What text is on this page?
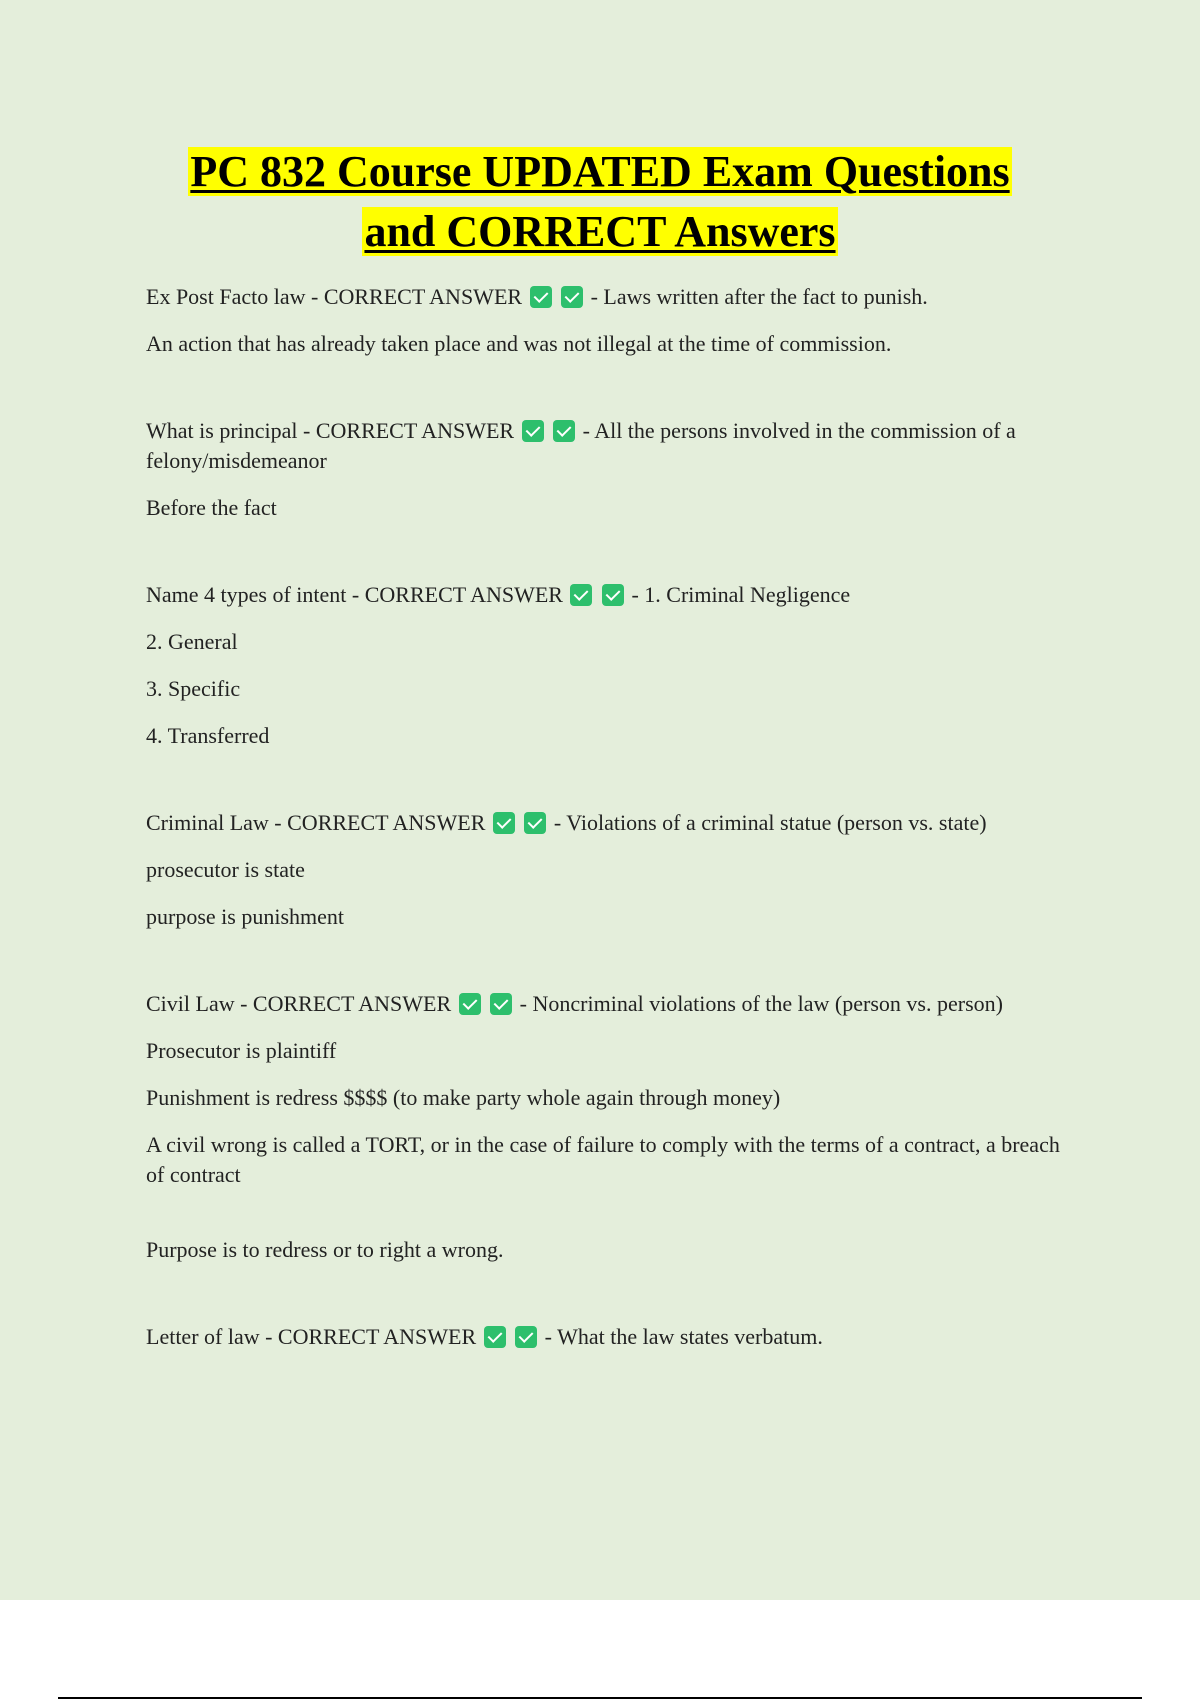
PC 832 Course UPDATED Exam Questions
and CORRECT Answers
Ex Post Facto law - CORRECT ANSWER	- Laws written after the fact to punish.
An action that has already taken place and was not illegal at the time of commission.
What is principal - CORRECT ANSWER	- All the persons involved in the commission of a felony/misdemeanor
Before the fact
Name 4 types of intent - CORRECT ANSWER	- 1. Criminal Negligence
2. General
3. Specific
4. Transferred
Criminal Law - CORRECT ANSWER	- Violations of a criminal statue (person vs. state)
prosecutor is state
purpose is punishment
Civil Law - CORRECT ANSWER	- Noncriminal violations of the law (person vs. person)
Prosecutor is plaintiff
Punishment is redress $$$$ (to make party whole again through money)
A civil wrong is called a TORT, or in the case of failure to comply with the terms of a contract, a breach of contract
Purpose is to redress or to right a wrong.
Letter of law - CORRECT ANSWER	- What the law states verbatum.
